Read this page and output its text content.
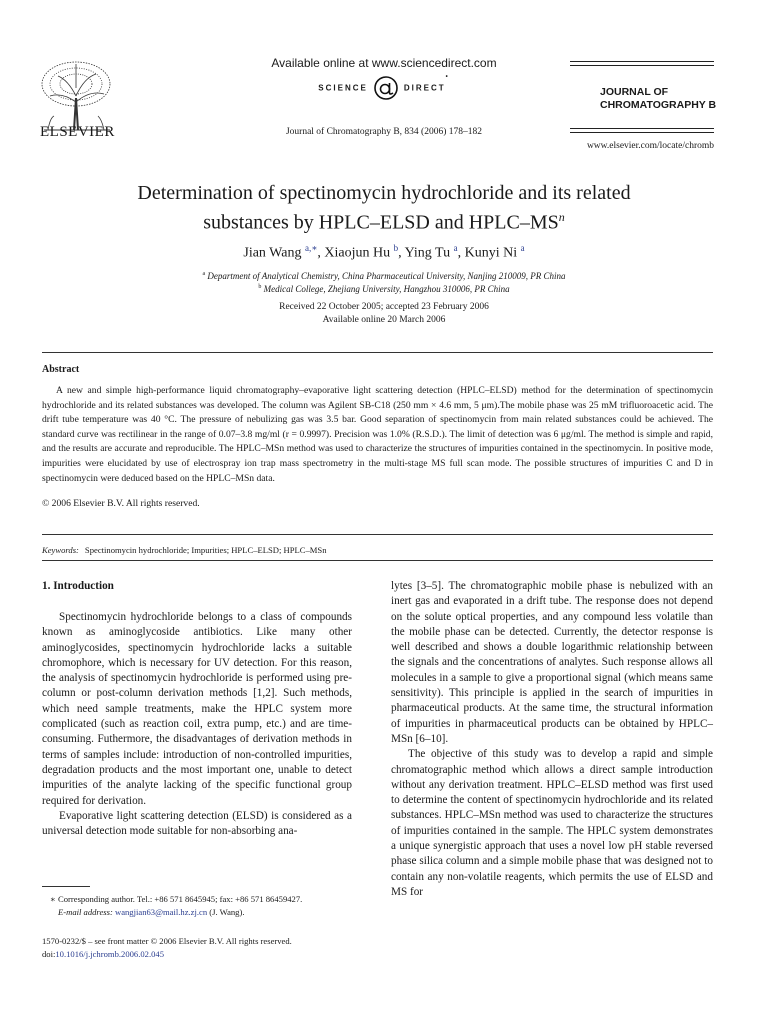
ELSEVIER
Available online at www.sciencedirect.com
SCIENCE	DIRECT•
Journal of Chromatography B, 834 (2006) 178–182
JOURNAL OF
CHROMATOGRAPHY B
www.elsevier.com/locate/chromb
Determination of spectinomycin hydrochloride and its related
substances by HPLC–ELSD and HPLC–$MS^n$
Jian Wang $^{a,∗}$, Xiaojun Hu $^b$, Ying Tu $^a$, Kunyi Ni $^a$
$^a$ Department of Analytical Chemistry, China Pharmaceutical University, Nanjing 210009, PR China
$^b$ Medical College, Zhejiang University, Hangzhou 310006, PR China
Received 22 October 2005; accepted 23 February 2006
Available online 20 March 2006
Abstract
A new and simple high-performance liquid chromatography–evaporative light scattering detection (HPLC–ELSD) method for the determination of spectinomycin hydrochloride and its related substances was developed. The column was Agilent SB-C18 (250 mm × 4.6 mm, 5 μm).The mobile phase was 25 mM trifluoroacetic acid. The drift tube temperature was 40 °C. The pressure of nebulizing gas was 3.5 bar. Good separation of spectinomycin from main related substances could be achieved. The standard curve was rectilinear in the range of 0.07–3.8 mg/ml (r = 0.9997). Precision was 1.0% (R.S.D.). The limit of detection was 6 μg/ml. The method is simple and rapid, and the results are accurate and reproducible. The HPLC–MSn method was used to characterize the structures of impurities contained in the spectinomycin. In positive mode, impurities were elucidated by use of electrospray ion trap mass spectrometry in the multi-stage MS full scan mode. The possible structures of impurities C and D in spectinomycin were deduced based on the HPLC–MSn data.
© 2006 Elsevier B.V. All rights reserved.
Keywords: Spectinomycin hydrochloride; Impurities; HPLC–ELSD; HPLC–MSn
1. Introduction
Spectinomycin hydrochloride belongs to a class of compounds known as aminoglycoside antibiotics. Like many other aminoglycosides, spectinomycin hydrochloride lacks a suitable chromophore, which is necessary for UV detection. For this reason, the analysis of spectinomycin hydrochloride is performed using pre-column or post-column derivation methods [1,2]. Such methods, which need sample treatments, make the HPLC system more complicated (such as reaction coil, extra pump, etc.) and are time-consuming. Futhermore, the disadvantages of derivation methods in terms of samples include: introduction of non-controlled impurities, degradation products and the most important one, unable to detect impurities of the analyte lacking of the specific functional group required for derivation.
Evaporative light scattering detection (ELSD) is considered as a universal detection mode suitable for non-absorbing ana-
lytes [3–5]. The chromatographic mobile phase is nebulized with an inert gas and evaporated in a drift tube. The response does not depend on the solute optical properties, and any compound less volatile than the mobile phase can be detected. Currently, the detector response is well described and shows a double logarithmic relationship between the signals and the concentrations of analytes. Such response allows all molecules in a sample to give a proportional signal (which means same sensitivity). This principle is applied in the search of impurities in pharmaceutical products. At the same time, the structural information of impurities in pharmaceutical products can be obtained by HPLC–MSn [6–10].
The objective of this study was to develop a rapid and simple chromatographic method which allows a direct sample introduction without any derivation treatment. HPLC–ELSD method was first used to determine the content of spectinomycin hydrochloride and its related substances. HPLC–MSn method was used to characterize the structures of impurities contained in the sample. The HPLC system demonstrates a unique synergistic approach that uses a novel low pH stable reversed phase silica column and a simple mobile phase that was designed not to contain any non-volatile reagents, which permits the use of ELSD and MS for
∗ Corresponding author. Tel.: +86 571 8645945; fax: +86 571 86459427.
E-mail address: wangjian63@mail.hz.zj.cn (J. Wang).
1570-0232/$ – see front matter © 2006 Elsevier B.V. All rights reserved.
doi:10.1016/j.jchromb.2006.02.045
